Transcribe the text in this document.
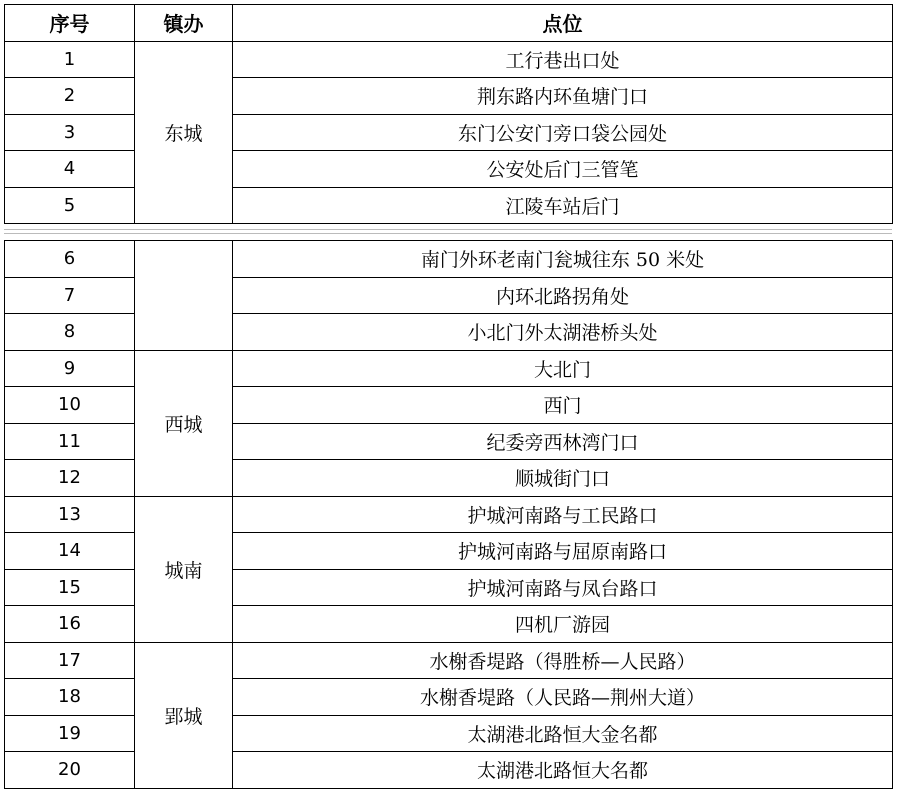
序号	镇办	点位
1	东城	工行巷出口处
2		荆东路内环鱼塘门口
3		东门公安门旁口袋公园处
4		公安处后门三管笔
5		江陵车站后门
6		南门外环老南门瓮城往东 50 米处
7		内环北路拐角处
8		小北门外太湖港桥头处
9	西城	大北门
10		西门
11		纪委旁西林湾门口
12		顺城街门口
13	城南	护城河南路与工民路口
14		护城河南路与屈原南路口
15		护城河南路与凤台路口
16		四机厂游园
17	郢城	水榭香堤路（得胜桥—人民路）
18		水榭香堤路（人民路—荆州大道）
19		太湖港北路恒大金名都
20		太湖港北路恒大名都
